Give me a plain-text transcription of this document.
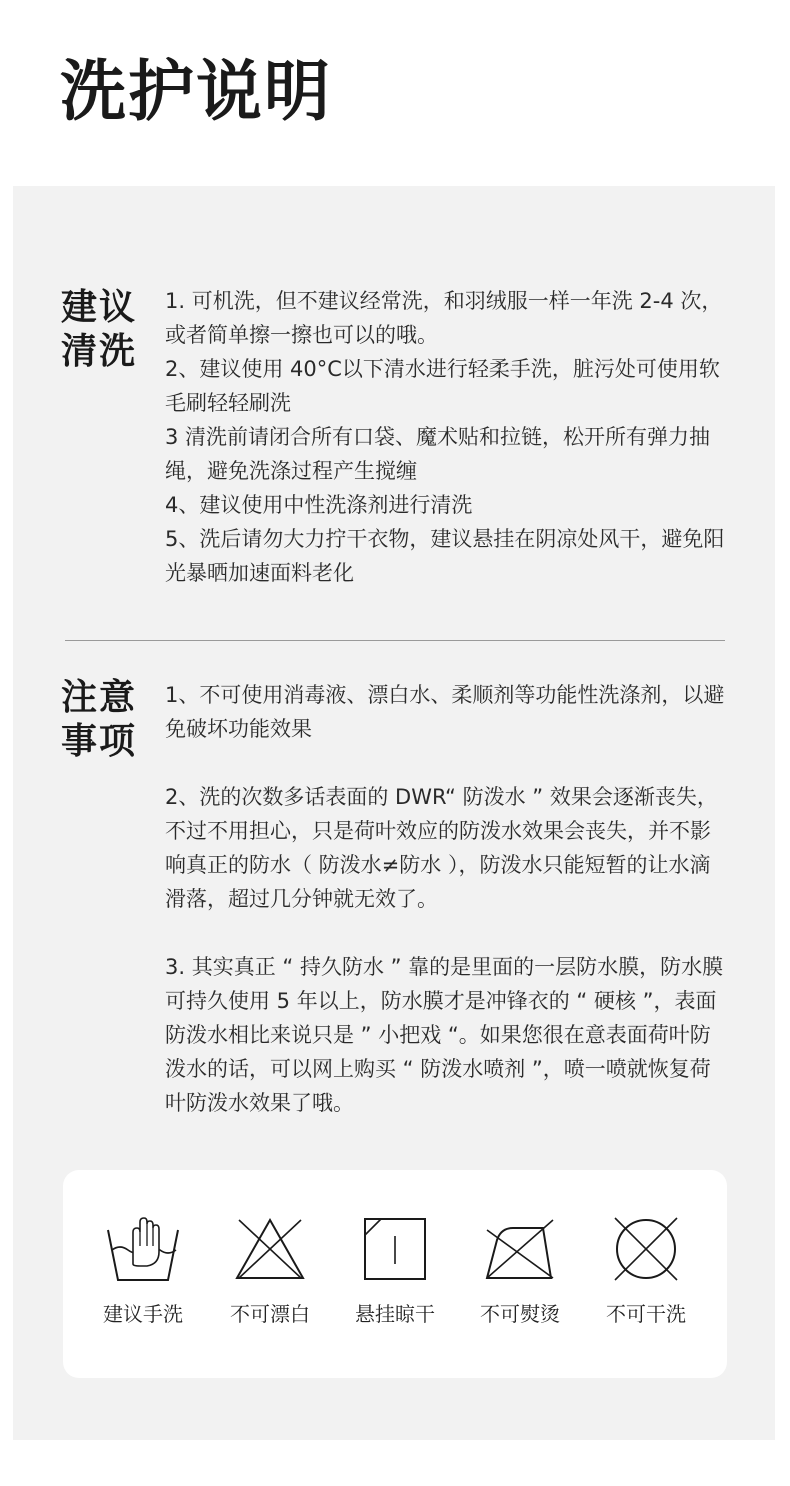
洗护说明
建议
清洗

1. 可机洗，但不建议经常洗，和羽绒服一样一年洗 2-4 次，或者简单擦一擦也可以的哦。

2、建议使用 40°C以下清水进行轻柔手洗，脏污处可使用软毛刷轻轻刷洗

3 清洗前请闭合所有口袋、魔术贴和拉链，松开所有弹力抽绳，避免洗涤过程产生搅缠

4、建议使用中性洗涤剂进行清洗

5、洗后请勿大力拧干衣物，建议悬挂在阴凉处风干，避免阳光暴晒加速面料老化

注意
事项

1、不可使用消毒液、漂白水、柔顺剂等功能性洗涤剂，以避免破坏功能效果

2、洗的次数多话表面的 DWR“ 防泼水 ” 效果会逐渐丧失，不过不用担心，只是荷叶效应的防泼水效果会丧失，并不影响真正的防水（ 防泼水≠防水 ），防泼水只能短暂的让水滴滑落，超过几分钟就无效了。

3. 其实真正 “ 持久防水 ” 靠的是里面的一层防水膜，防水膜可持久使用 5 年以上，防水膜才是冲锋衣的 “ 硬核 ”，表面防泼水相比来说只是 ” 小把戏 “。如果您很在意表面荷叶防泼水的话，可以网上购买 “ 防泼水喷剂 ”，喷一喷就恢复荷叶防泼水效果了哦。

建议手洗	不可漂白	悬挂晾干	不可熨烫	不可干洗
